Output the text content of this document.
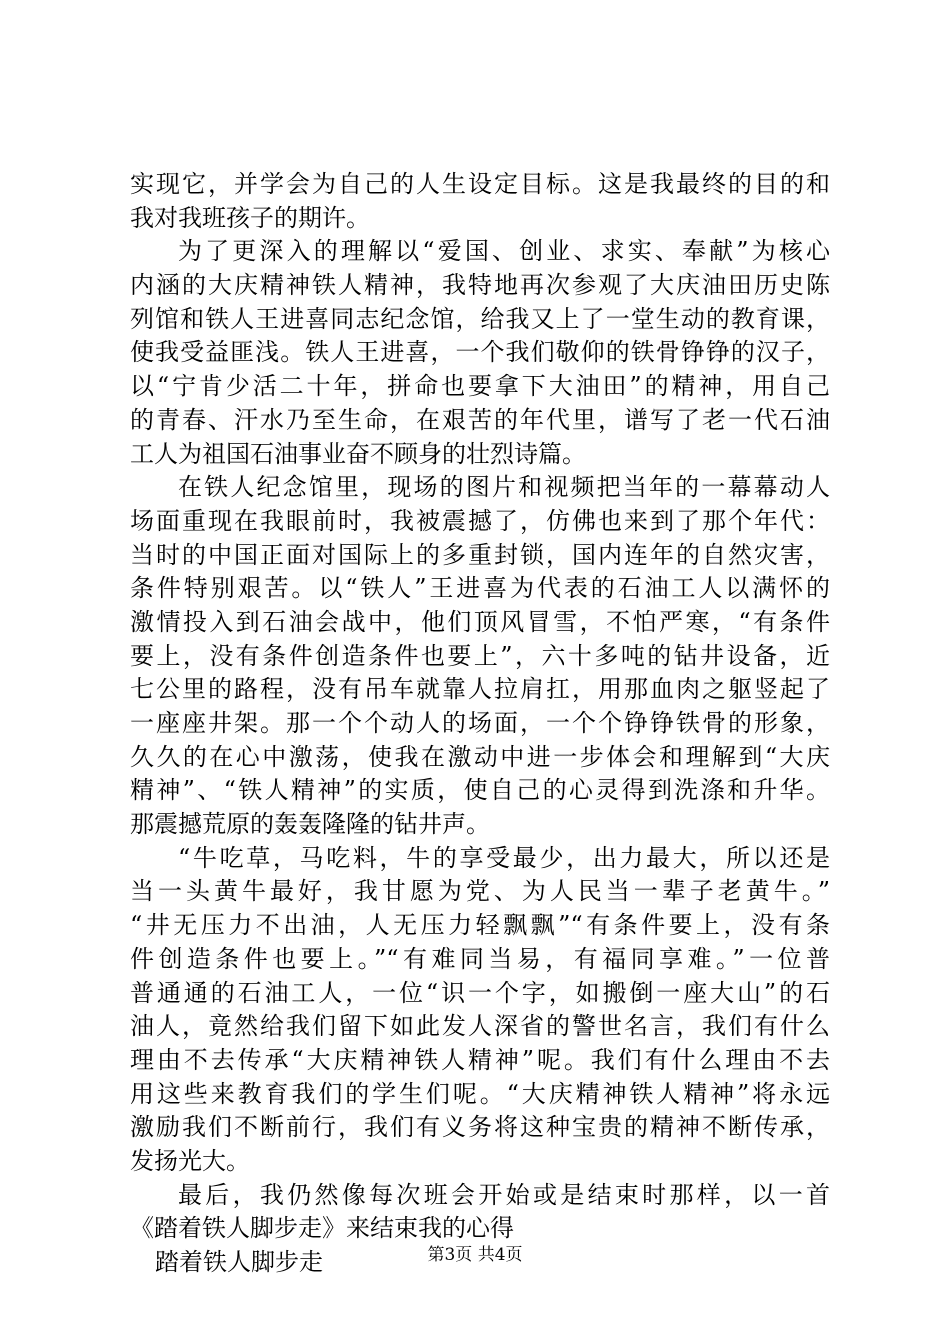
实现它，并学会为自己的人生设定目标。这是我最终的目的和
我对我班孩子的期许。
为了更深入的理解以“爱国、创业、求实、奉献”为核心
内涵的大庆精神铁人精神，我特地再次参观了大庆油田历史陈
列馆和铁人王进喜同志纪念馆，给我又上了一堂生动的教育课，
使我受益匪浅。铁人王进喜，一个我们敬仰的铁骨铮铮的汉子，
以“宁肯少活二十年，拼命也要拿下大油田”的精神，用自己
的青春、汗水乃至生命，在艰苦的年代里，谱写了老一代石油
工人为祖国石油事业奋不顾身的壮烈诗篇。
在铁人纪念馆里，现场的图片和视频把当年的一幕幕动人
场面重现在我眼前时，我被震撼了，仿佛也来到了那个年代：
当时的中国正面对国际上的多重封锁，国内连年的自然灾害，
条件特别艰苦。以“铁人”王进喜为代表的石油工人以满怀的
激情投入到石油会战中，他们顶风冒雪，不怕严寒，“有条件
要上，没有条件创造条件也要上”，六十多吨的钻井设备，近
七公里的路程，没有吊车就靠人拉肩扛，用那血肉之躯竖起了
一座座井架。那一个个动人的场面，一个个铮铮铁骨的形象，
久久的在心中激荡，使我在激动中进一步体会和理解到“大庆
精神”、“铁人精神”的实质，使自己的心灵得到洗涤和升华。
那震撼荒原的轰轰隆隆的钻井声。
“牛吃草，马吃料，牛的享受最少，出力最大，所以还是
当一头黄牛最好，我甘愿为党、为人民当一辈子老黄牛。”
“井无压力不出油，人无压力轻飘飘”“有条件要上，没有条
件创造条件也要上。”“有难同当易，有福同享难。”一位普
普通通的石油工人，一位“识一个字，如搬倒一座大山”的石
油人，竟然给我们留下如此发人深省的警世名言，我们有什么
理由不去传承“大庆精神铁人精神”呢。我们有什么理由不去
用这些来教育我们的学生们呢。“大庆精神铁人精神”将永远
激励我们不断前行，我们有义务将这种宝贵的精神不断传承，
发扬光大。
最后，我仍然像每次班会开始或是结束时那样，以一首
《踏着铁人脚步走》来结束我的心得
踏着铁人脚步走	第3页 共4页
